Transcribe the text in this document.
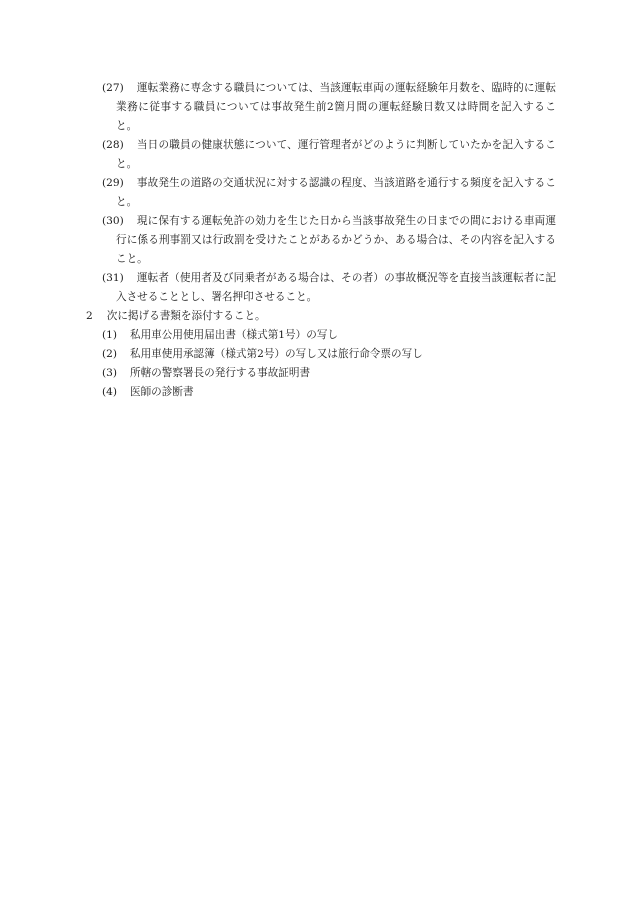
(27) 運転業務に専念する職員については、当該運転車両の運転経験年月数を、臨時的に運転業務に従事する職員については事故発生前2箇月間の運転経験日数又は時間を記入すること。

(28) 当日の職員の健康状態について、運行管理者がどのように判断していたかを記入すること。

(29) 事故発生の道路の交通状況に対する認識の程度、当該道路を通行する頻度を記入すること。

(30) 現に保有する運転免許の効力を生じた日から当該事故発生の日までの間における車両運行に係る刑事罰又は行政罰を受けたことがあるかどうか、ある場合は、その内容を記入すること。

(31) 運転者（使用者及び同乗者がある場合は、その者）の事故概況等を直接当該運転者に記入させることとし、署名押印させること。

2 次に掲げる書類を添付すること。

(1) 私用車公用使用届出書（様式第1号）の写し

(2) 私用車使用承認簿（様式第2号）の写し又は旅行命令票の写し

(3) 所轄の警察署長の発行する事故証明書

(4) 医師の診断書
